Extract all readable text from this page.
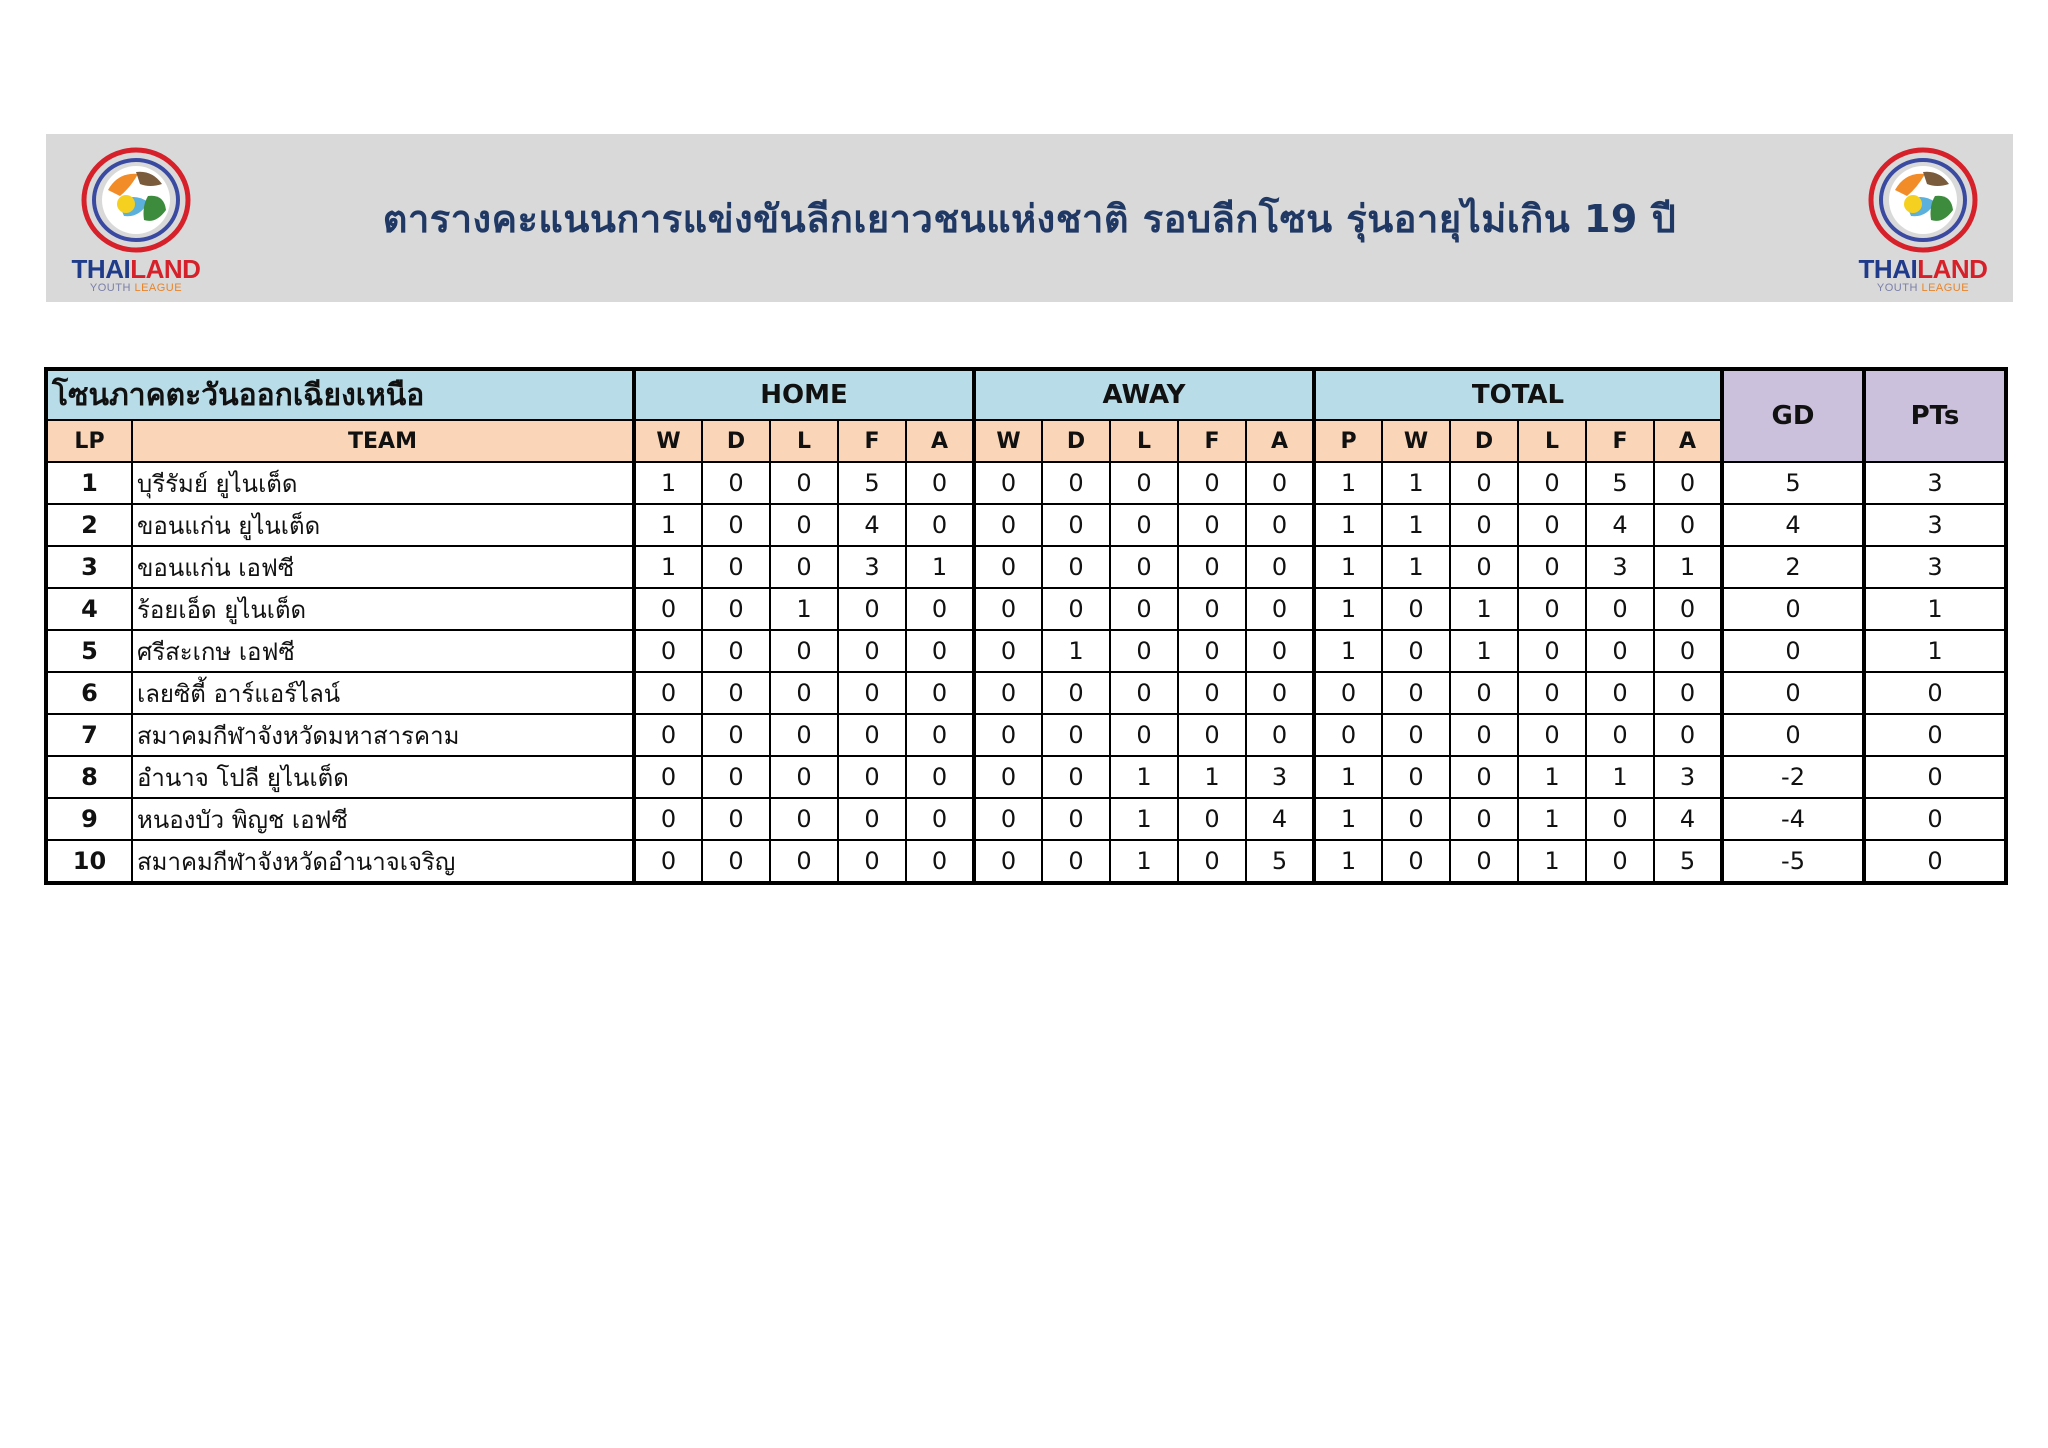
THAILAND
YOUTH LEAGUE
ตารางคะแนนการแข่งขันลีกเยาวชนแห่งชาติ รอบลีกโซน รุ่นอายุไม่เกิน 19 ปี
THAILAND
YOUTH LEAGUE
โซนภาคตะวันออกเฉียงเหนือ		HOME					AWAY					TOTAL						GD	PTs
LP	TEAM	W	D	L	F	A	W	D	L	F	A	P	W	D	L	F	A		
1	บุรีรัมย์ ยูไนเต็ด	1	0	0	5	0	0	0	0	0	0	1	1	0	0	5	0	5	3
2	ขอนแก่น ยูไนเต็ด	1	0	0	4	0	0	0	0	0	0	1	1	0	0	4	0	4	3
3	ขอนแก่น เอฟซี	1	0	0	3	1	0	0	0	0	0	1	1	0	0	3	1	2	3
4	ร้อยเอ็ด ยูไนเต็ด	0	0	1	0	0	0	0	0	0	0	1	0	1	0	0	0	0	1
5	ศรีสะเกษ เอฟซี	0	0	0	0	0	0	1	0	0	0	1	0	1	0	0	0	0	1
6	เลยซิตี้ อาร์แอร์ไลน์	0	0	0	0	0	0	0	0	0	0	0	0	0	0	0	0	0	0
7	สมาคมกีฬาจังหวัดมหาสารคาม	0	0	0	0	0	0	0	0	0	0	0	0	0	0	0	0	0	0
8	อำนาจ โปลี ยูไนเต็ด	0	0	0	0	0	0	0	1	1	3	1	0	0	1	1	3	-2	0
9	หนองบัว พิญช เอฟซี	0	0	0	0	0	0	0	1	0	4	1	0	0	1	0	4	-4	0
10	สมาคมกีฬาจังหวัดอำนาจเจริญ	0	0	0	0	0	0	0	1	0	5	1	0	0	1	0	5	-5	0
